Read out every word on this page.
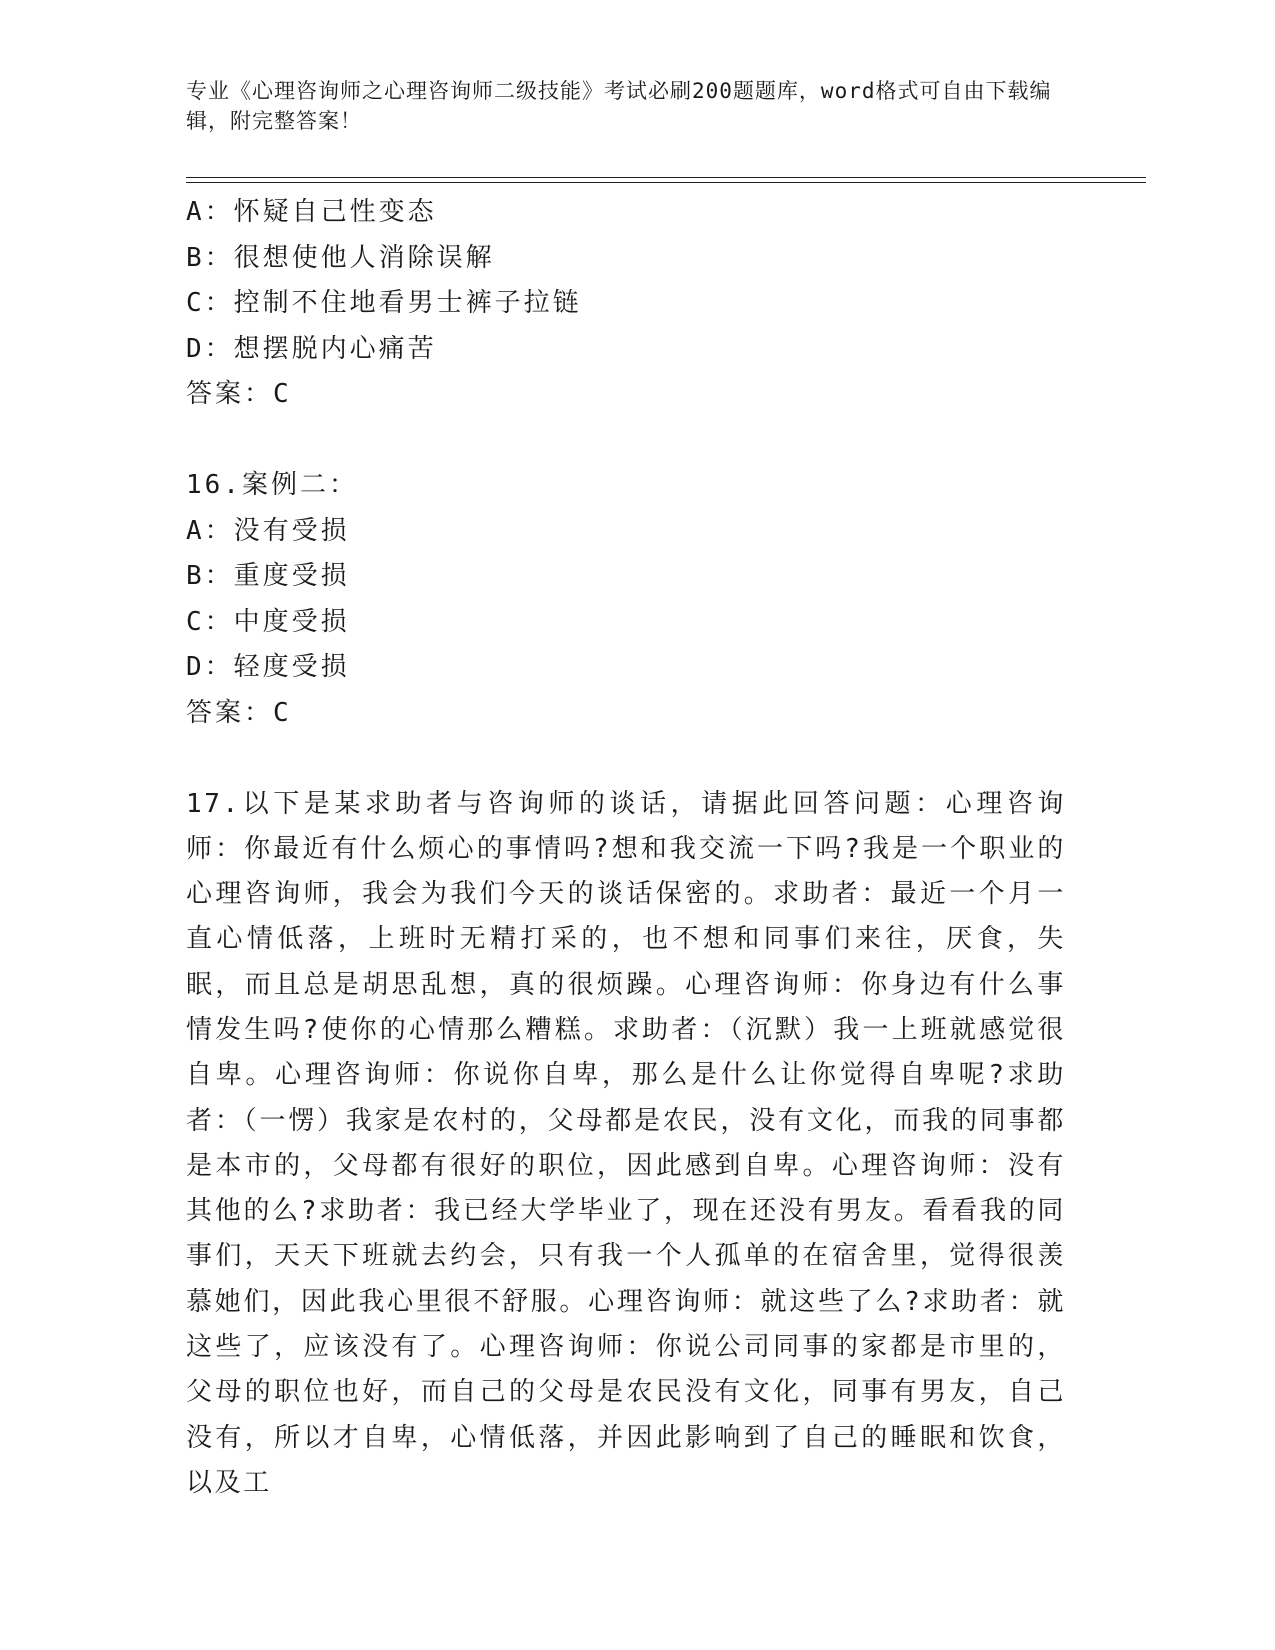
专业《心理咨询师之心理咨询师二级技能》考试必刷200题题库，word格式可自由下载编辑，附完整答案！
A：怀疑自己性变态
B：很想使他人消除误解
C：控制不住地看男士裤子拉链
D：想摆脱内心痛苦
答案：C
16.案例二：
A：没有受损
B：重度受损
C：中度受损
D：轻度受损
答案：C
17.以下是某求助者与咨询师的谈话，请据此回答问题：心理咨询师：你最近有什么烦心的事情吗?想和我交流一下吗?我是一个职业的心理咨询师，我会为我们今天的谈话保密的。求助者：最近一个月一直心情低落，上班时无精打采的，也不想和同事们来往，厌食，失眠，而且总是胡思乱想，真的很烦躁。心理咨询师：你身边有什么事情发生吗?使你的心情那么糟糕。求助者：（沉默）我一上班就感觉很自卑。心理咨询师：你说你自卑，那么是什么让你觉得自卑呢?求助者：（一愣）我家是农村的，父母都是农民，没有文化，而我的同事都是本市的，父母都有很好的职位，因此感到自卑。心理咨询师：没有其他的么?求助者：我已经大学毕业了，现在还没有男友。看看我的同事们，天天下班就去约会，只有我一个人孤单的在宿舍里，觉得很羡慕她们，因此我心里很不舒服。心理咨询师：就这些了么?求助者：就这些了，应该没有了。心理咨询师：你说公司同事的家都是市里的，父母的职位也好，而自己的父母是农民没有文化，同事有男友，自己没有，所以才自卑，心情低落，并因此影响到了自己的睡眠和饮食，以及工
